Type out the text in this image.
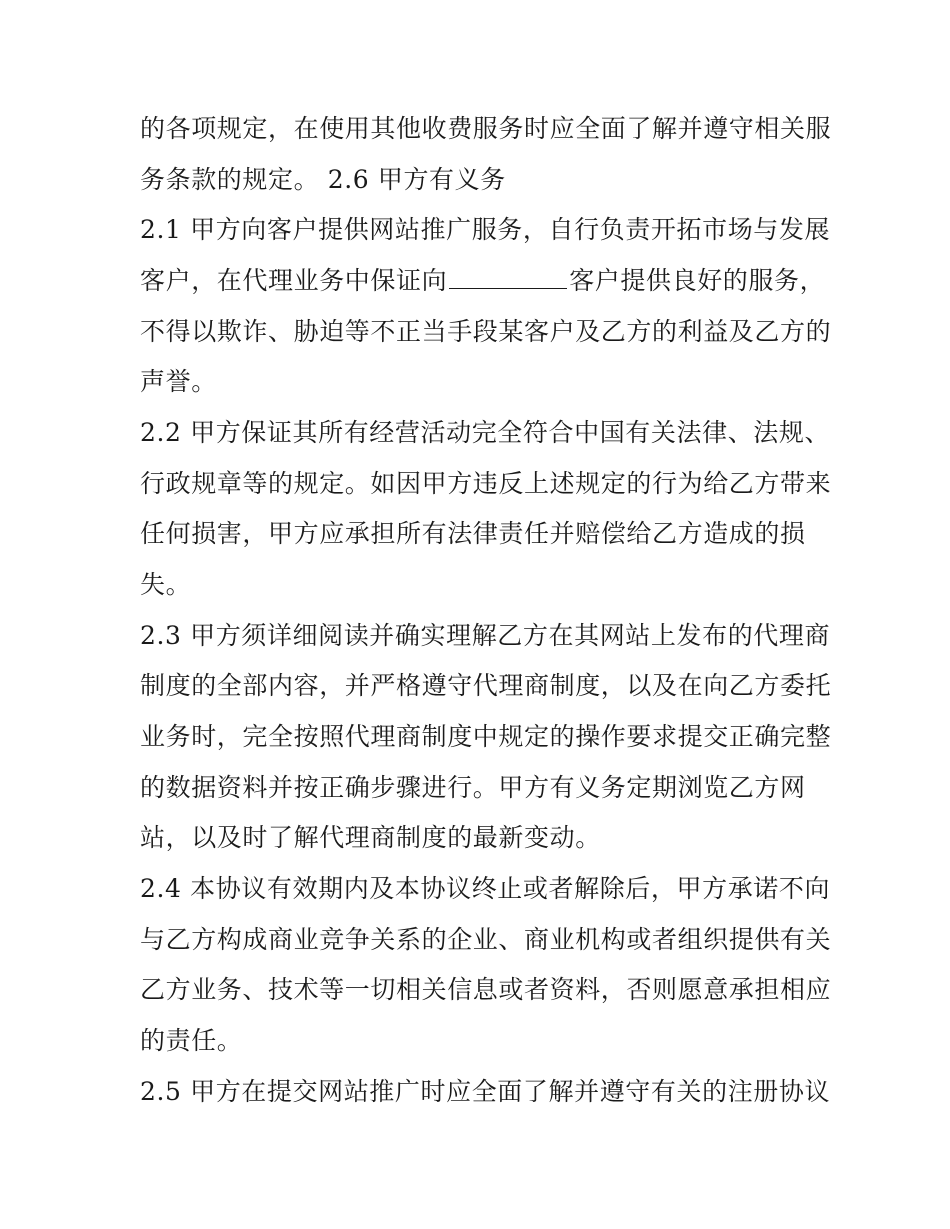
的各项规定，在使用其他收费服务时应全面了解并遵守相关服
务条款的规定。 2.6 甲方有义务
2.1 甲方向客户提供网站推广服务，自行负责开拓市场与发展
客户，在代理业务中保证向	客户提供良好的服务，
不得以欺诈、胁迫等不正当手段某客户及乙方的利益及乙方的
声誉。
2.2 甲方保证其所有经营活动完全符合中国有关法律、法规、
行政规章等的规定。如因甲方违反上述规定的行为给乙方带来
任何损害，甲方应承担所有法律责任并赔偿给乙方造成的损
失。
2.3 甲方须详细阅读并确实理解乙方在其网站上发布的代理商
制度的全部内容，并严格遵守代理商制度，以及在向乙方委托
业务时，完全按照代理商制度中规定的操作要求提交正确完整
的数据资料并按正确步骤进行。甲方有义务定期浏览乙方网
站，以及时了解代理商制度的最新变动。
2.4 本协议有效期内及本协议终止或者解除后，甲方承诺不向
与乙方构成商业竞争关系的企业、商业机构或者组织提供有关
乙方业务、技术等一切相关信息或者资料，否则愿意承担相应
的责任。
2.5 甲方在提交网站推广时应全面了解并遵守有关的注册协议
